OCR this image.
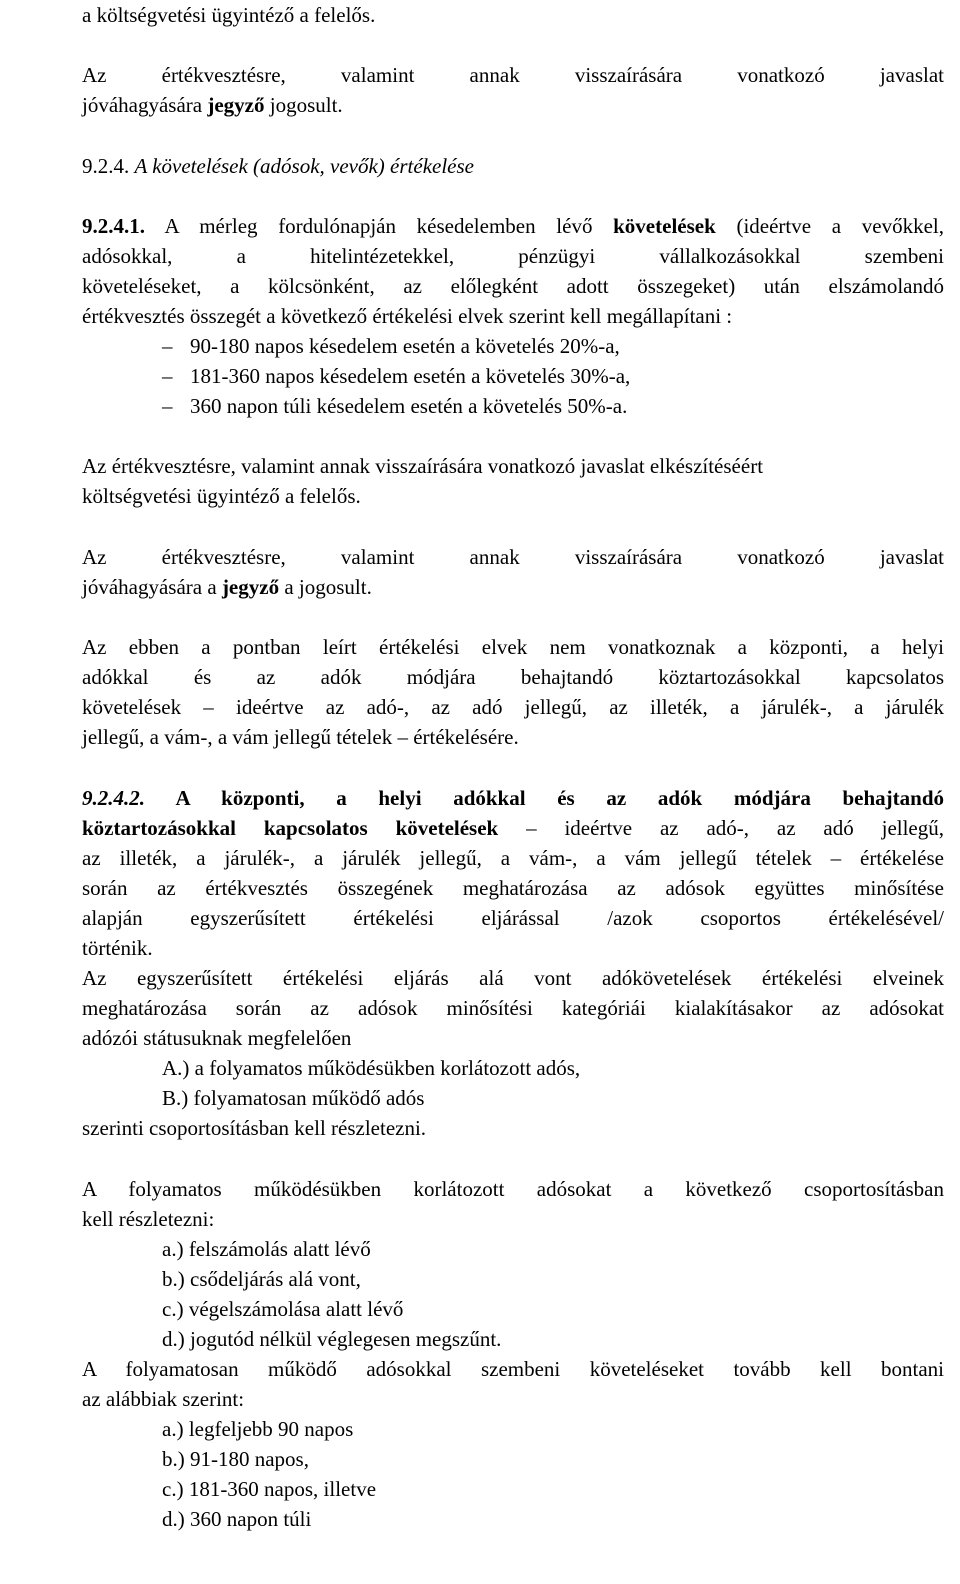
a költségvetési ügyintéző a felelős.
Az értékvesztésre, valamint annak visszaírására vonatkozó javaslat
jóváhagyására jegyző jogosult.
9.2.4. A követelések (adósok, vevők) értékelése
9.2.4.1. A mérleg fordulónapján késedelemben lévő követelések (ideértve a vevőkkel,
adósokkal, a hitelintézetekkel, pénzügyi vállalkozásokkal szembeni
követeléseket, a kölcsönként, az előlegként adott összegeket) után elszámolandó
értékvesztés összegét a következő értékelési elvek szerint kell megállapítani :
– 90-180 napos késedelem esetén a követelés 20%-a,
– 181-360 napos késedelem esetén a követelés 30%-a,
– 360 napon túli késedelem esetén a követelés 50%-a.
Az értékvesztésre, valamint annak visszaírására vonatkozó javaslat elkészítéséért
költségvetési ügyintéző a felelős.
Az értékvesztésre, valamint annak visszaírására vonatkozó javaslat
jóváhagyására a jegyző a jogosult.
Az ebben a pontban leírt értékelési elvek nem vonatkoznak a központi, a helyi
adókkal és az adók módjára behajtandó köztartozásokkal kapcsolatos
követelések – ideértve az adó-, az adó jellegű, az illeték, a járulék-, a járulék
jellegű, a vám-, a vám jellegű tételek – értékelésére.
9.2.4.2. A központi, a helyi adókkal és az adók módjára behajtandó
köztartozásokkal kapcsolatos követelések – ideértve az adó-, az adó jellegű,
az illeték, a járulék-, a járulék jellegű, a vám-, a vám jellegű tételek – értékelése
során az értékvesztés összegének meghatározása az adósok együttes minősítése
alapján egyszerűsített értékelési eljárással /azok csoportos értékelésével/
történik.
Az egyszerűsített értékelési eljárás alá vont adókövetelések értékelési elveinek
meghatározása során az adósok minősítési kategóriái kialakításakor az adósokat
adózói státusuknak megfelelően
A.) a folyamatos működésükben korlátozott adós,
B.) folyamatosan működő adós
szerinti csoportosításban kell részletezni.
A folyamatos működésükben korlátozott adósokat a következő csoportosításban
kell részletezni:
a.) felszámolás alatt lévő
b.) csődeljárás alá vont,
c.) végelszámolása alatt lévő
d.) jogutód nélkül véglegesen megszűnt.
A folyamatosan működő adósokkal szembeni követeléseket tovább kell bontani
az alábbiak szerint:
a.) legfeljebb 90 napos
b.) 91-180 napos,
c.) 181-360 napos, illetve
d.) 360 napon túli
